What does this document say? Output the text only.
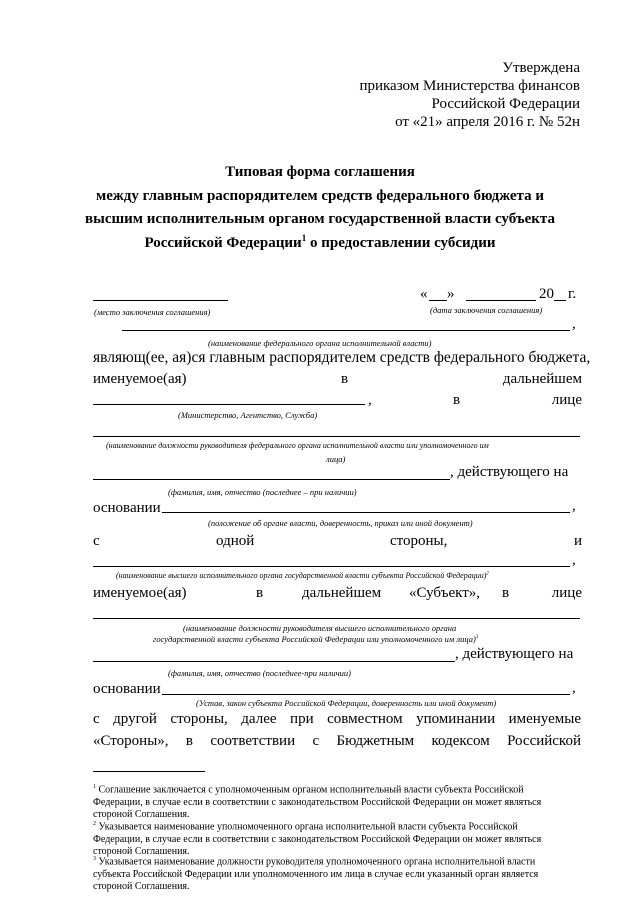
Утверждена
приказом Министерства финансов
Российской Федерации
от «21» апреля 2016 г. № 52н
Типовая форма соглашения
между главным распорядителем средств федерального бюджета и
высшим исполнительным органом государственной власти субъекта
Российской Федерации$^1$ о предоставлении субсидии
(место заключения соглашения)
« »	20 г.
(дата заключения соглашения)
,
(наименование федерального органа исполнительной власти)
являющ(ее, ая)ся главным распорядителем средств федерального бюджета,
именуемое(ая)	в	дальнейшем
,	в	лице
(Министерство, Агентство, Служба)
(наименование должности руководителя федерального органа исполнительной власти или уполномоченного им
лица)
, действующего на
(фамилия, имя, отчество (последнее – при наличии)
основании	,
(положение об органе власти, доверенность, приказ или иной документ)
с	одной	стороны,	и
,
(наименование высшего исполнительного органа государственной власти субъекта Российской Федерации)$^2$
именуемое(ая)	в	дальнейшем «Субъект», в	лице
(наименование должности руководителя высшего исполнительного органа
государственной власти субъекта Российской Федерации или уполномоченного им лица)$^3$
, действующего на
(фамилия, имя, отчество (последнее-при наличии)
основании	,
(Устав, закон субъекта Российской Федерации, доверенность или иной документ)
с другой стороны, далее при совместном упоминании именуемые
«Стороны», в соответствии с Бюджетным кодексом Российской
$^1$ Соглашение заключается с уполномоченным органом исполнительный власти субъекта Российской
Федерации, в случае если в соответствии с законодательством Российской Федерации он может являться
стороной Соглашения.
$^2$ Указывается наименование уполномоченного органа исполнительной власти субъекта Российской
Федерации, в случае если в соответствии с законодательством Российской Федерации он может являться
стороной Соглашения.
$^3$ Указывается наименование должности руководителя уполномоченного органа исполнительной власти
субъекта Российской Федерации или уполномоченного им лица в случае если указанный орган является
стороной Соглашения.
